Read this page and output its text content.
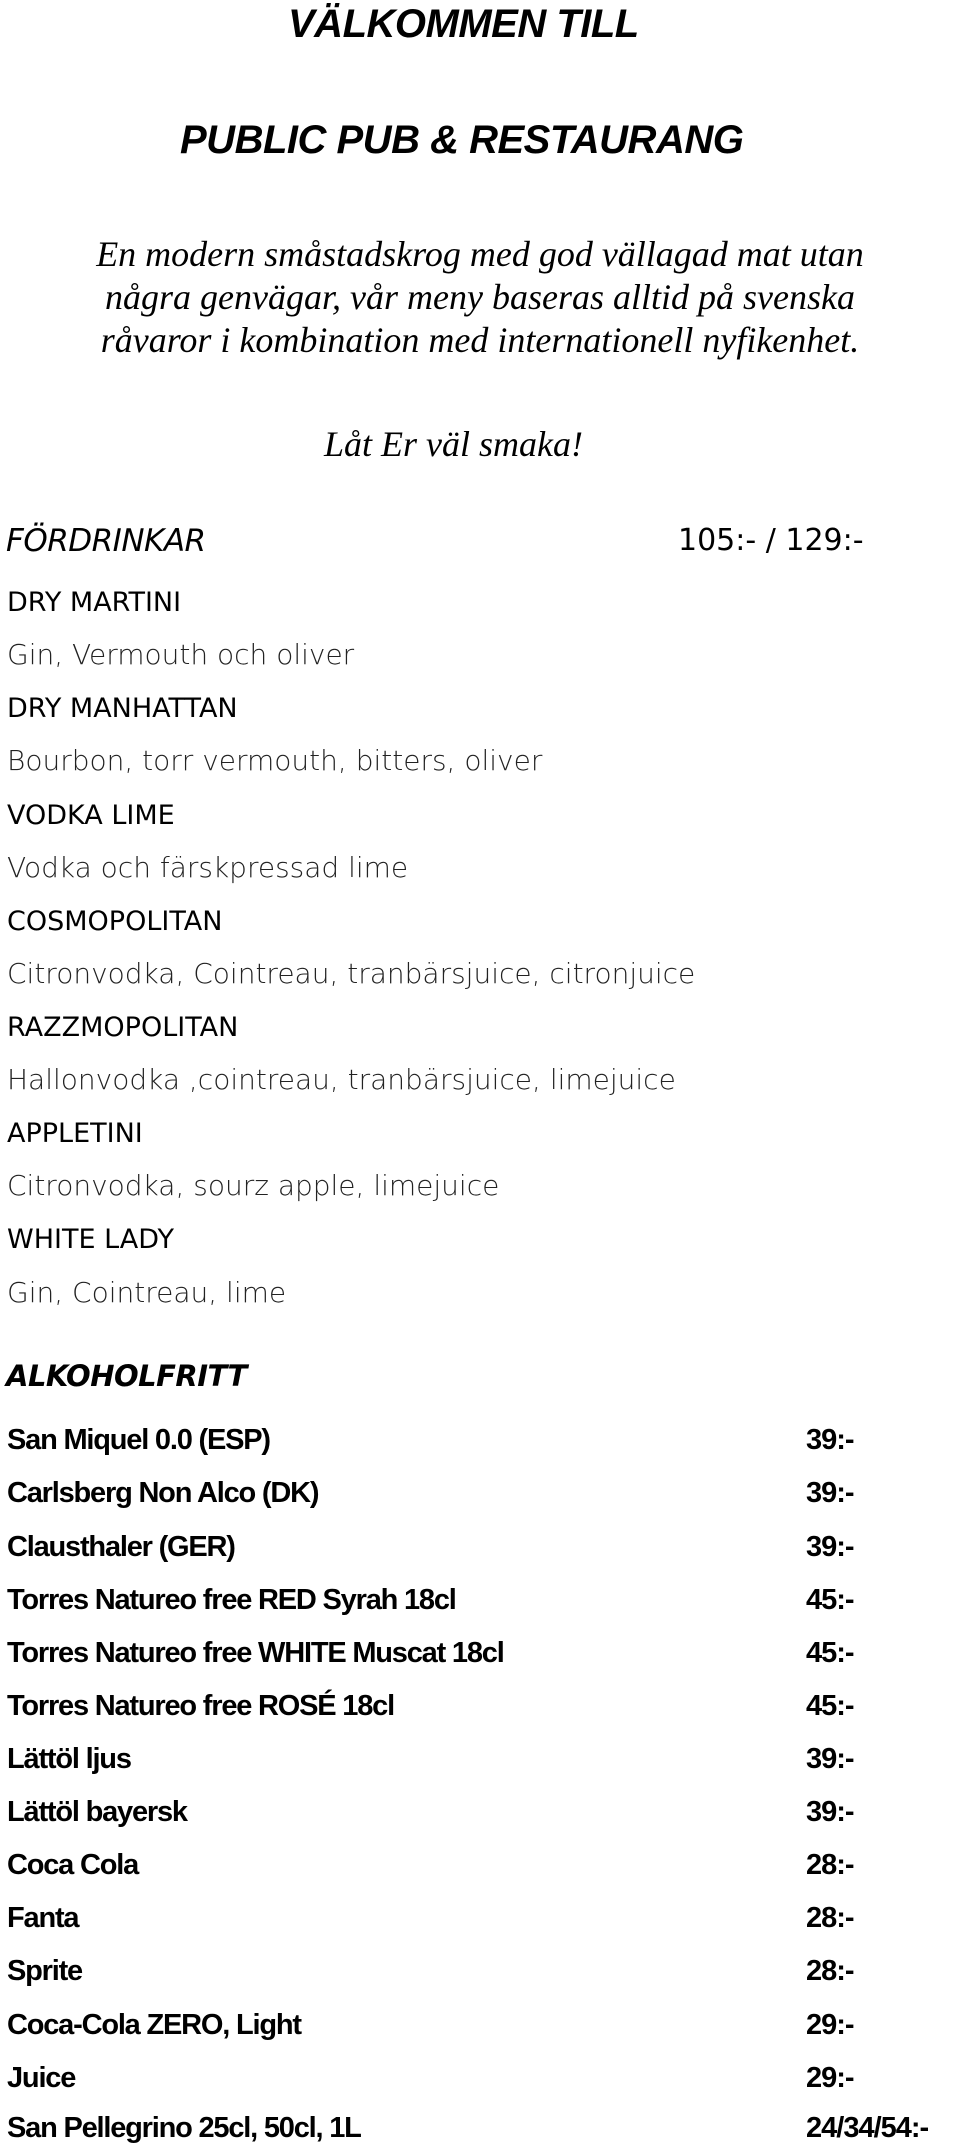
VÄLKOMMEN TILL
PUBLIC PUB & RESTAURANG
En modern småstadskrog med god vällagad mat utan
några genvägar, vår meny baseras alltid på svenska
råvaror i kombination med internationell nyfikenhet.
Låt Er väl smaka!
FÖRDRINKAR	105:- / 129:-
DRY MARTINI
Gin, Vermouth och oliver
DRY MANHATTAN
Bourbon, torr vermouth, bitters, oliver
VODKA LIME
Vodka och färskpressad lime
COSMOPOLITAN
Citronvodka, Cointreau, tranbärsjuice, citronjuice
RAZZMOPOLITAN
Hallonvodka ,cointreau, tranbärsjuice, limejuice
APPLETINI
Citronvodka, sourz apple, limejuice
WHITE LADY
Gin, Cointreau, lime
ALKOHOLFRITT
San Miquel 0.0 (ESP)	39:-
Carlsberg Non Alco (DK)	39:-
Clausthaler (GER)	39:-
Torres Natureo free RED Syrah 18cl	45:-
Torres Natureo free WHITE Muscat 18cl	45:-
Torres Natureo free ROSÉ 18cl	45:-
Lättöl ljus	39:-
Lättöl bayersk	39:-
Coca Cola	28:-
Fanta	28:-
Sprite	28:-
Coca-Cola ZERO, Light	29:-
Juice	29:-
San Pellegrino 25cl, 50cl, 1L	24/34/54:-
